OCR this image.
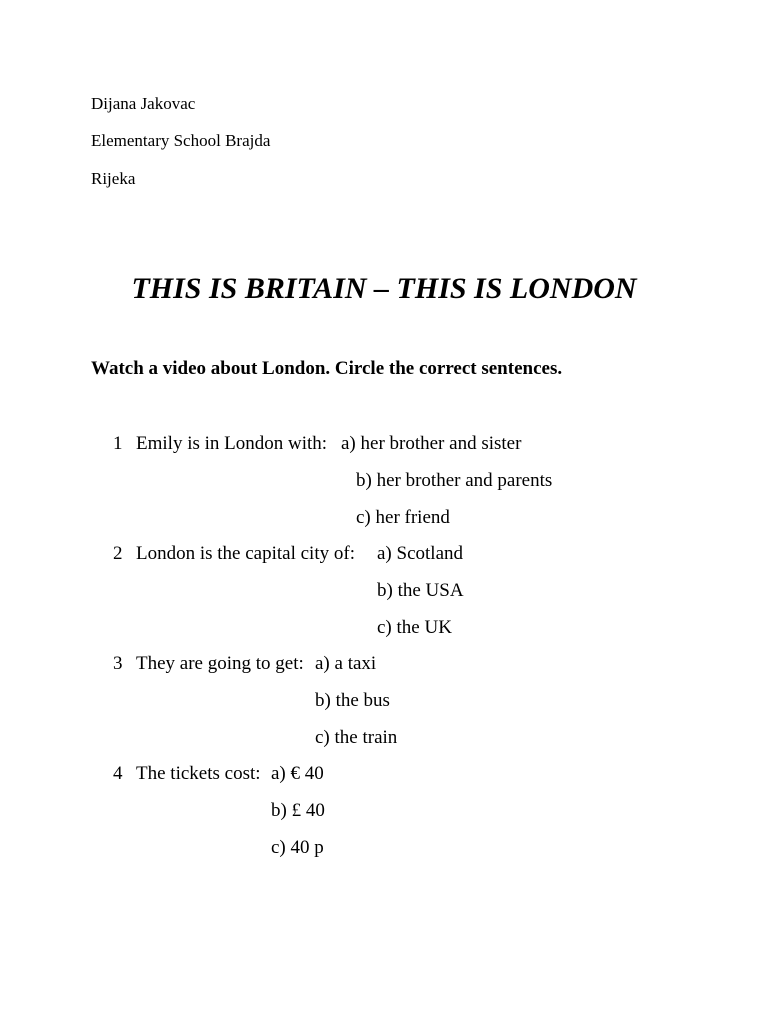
Dijana Jakovac
Elementary School Brajda
Rijeka
THIS IS BRITAIN – THIS IS LONDON
Watch a video about London. Circle the correct sentences.
1 Emily is in London with: a) her brother and sister
b) her brother and parents
c) her friend
2 London is the capital city of: a) Scotland
b) the USA
c) the UK
3 They are going to get: a) a taxi
b) the bus
c) the train
4 The tickets cost: a) € 40
b) £ 40
c) 40 p
